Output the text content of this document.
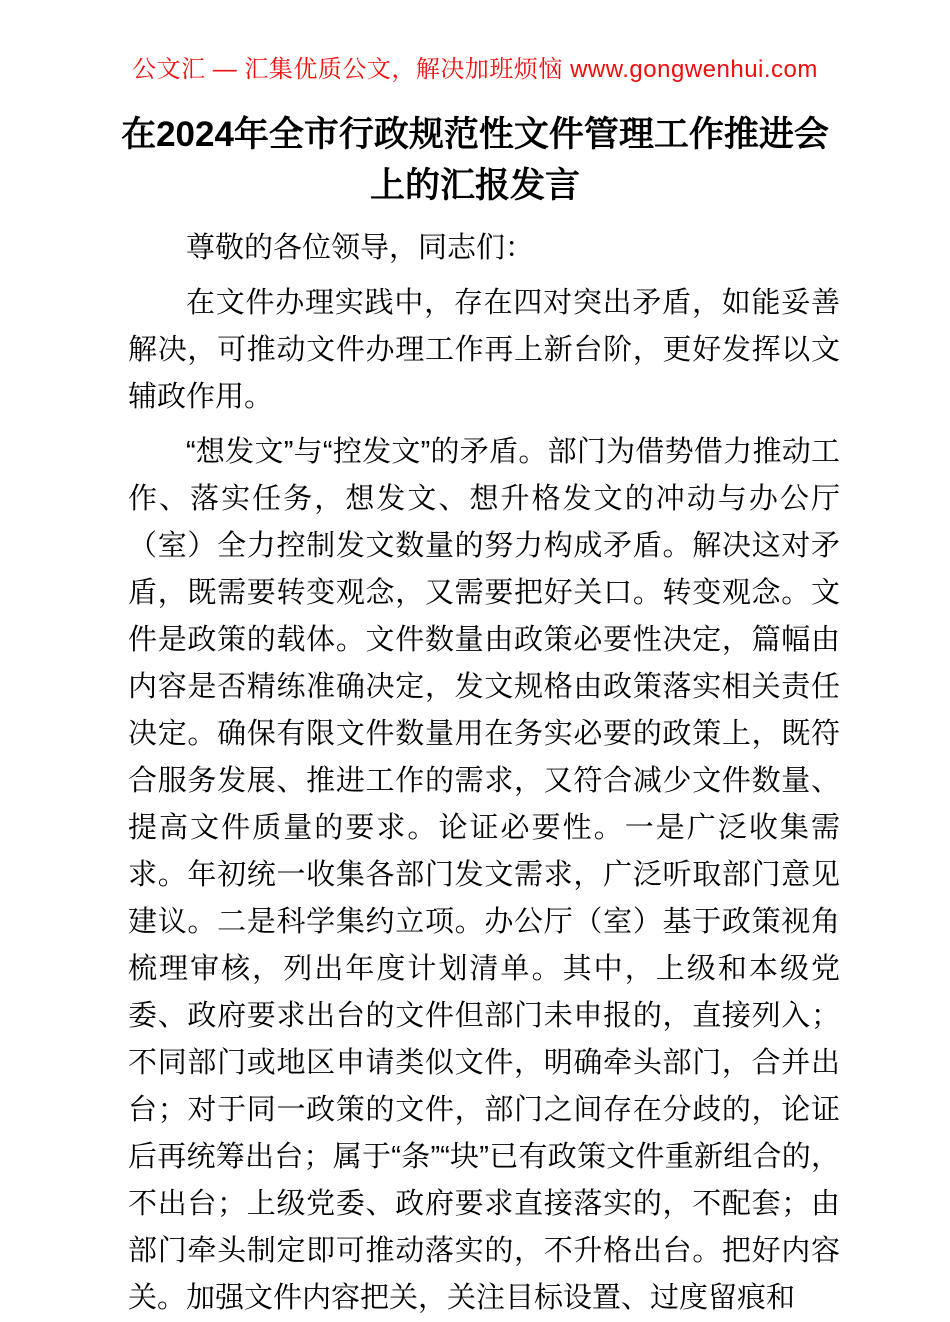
公文汇 — 汇集优质公文，解决加班烦恼 www.gongwenhui.com
在2024年全市行政规范性文件管理工作推进会
上的汇报发言

尊敬的各位领导，同志们：

在文件办理实践中，存在四对突出矛盾，如能妥善解决，可推动文件办理工作再上新台阶，更好发挥以文辅政作用。

“想发文”与“控发文”的矛盾。部门为借势借力推动工作、落实任务，想发文、想升格发文的冲动与办公厅（室）全力控制发文数量的努力构成矛盾。解决这对矛盾，既需要转变观念，又需要把好关口。转变观念。文件是政策的载体。文件数量由政策必要性决定，篇幅由内容是否精练准确决定，发文规格由政策落实相关责任决定。确保有限文件数量用在务实必要的政策上，既符合服务发展、推进工作的需求，又符合减少文件数量、提高文件质量的要求。论证必要性。一是广泛收集需求。年初统一收集各部门发文需求，广泛听取部门意见建议。二是科学集约立项。办公厅（室）基于政策视角梳理审核，列出年度计划清单。其中，上级和本级党委、政府要求出台的文件但部门未申报的，直接列入；不同部门或地区申请类似文件，明确牵头部门，合并出台；对于同一政策的文件，部门之间存在分歧的，论证后再统筹出台；属于“条”“块”已有政策文件重新组合的，不出台；上级党委、政府要求直接落实的，不配套；由部门牵头制定即可推动落实的，不升格出台。把好内容关。加强文件内容把关，关注目标设置、过度留痕和
